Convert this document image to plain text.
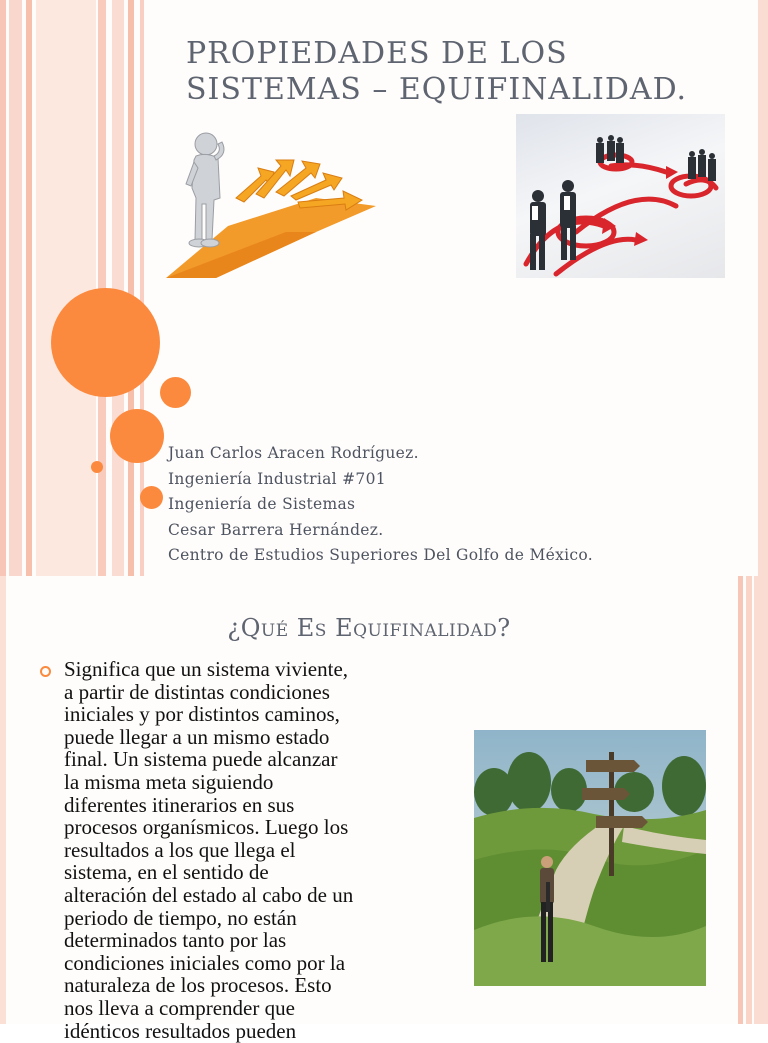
PROPIEDADES DE LOS
SISTEMAS – EQUIFINALIDAD.
Juan Carlos Aracen Rodríguez.
Ingeniería Industrial #701
Ingeniería de Sistemas
Cesar Barrera Hernández.
Centro de Estudios Superiores Del Golfo de México.
¿Qué Es Equifinalidad?
Significa que un sistema viviente,
a partir de distintas condiciones
iniciales y por distintos caminos,
puede llegar a un mismo estado
final. Un sistema puede alcanzar
la misma meta siguiendo
diferentes itinerarios en sus
procesos organísmicos. Luego los
resultados a los que llega el
sistema, en el sentido de
alteración del estado al cabo de un
periodo de tiempo, no están
determinados tanto por las
condiciones iniciales como por la
naturaleza de los procesos. Esto
nos lleva a comprender que
idénticos resultados pueden
